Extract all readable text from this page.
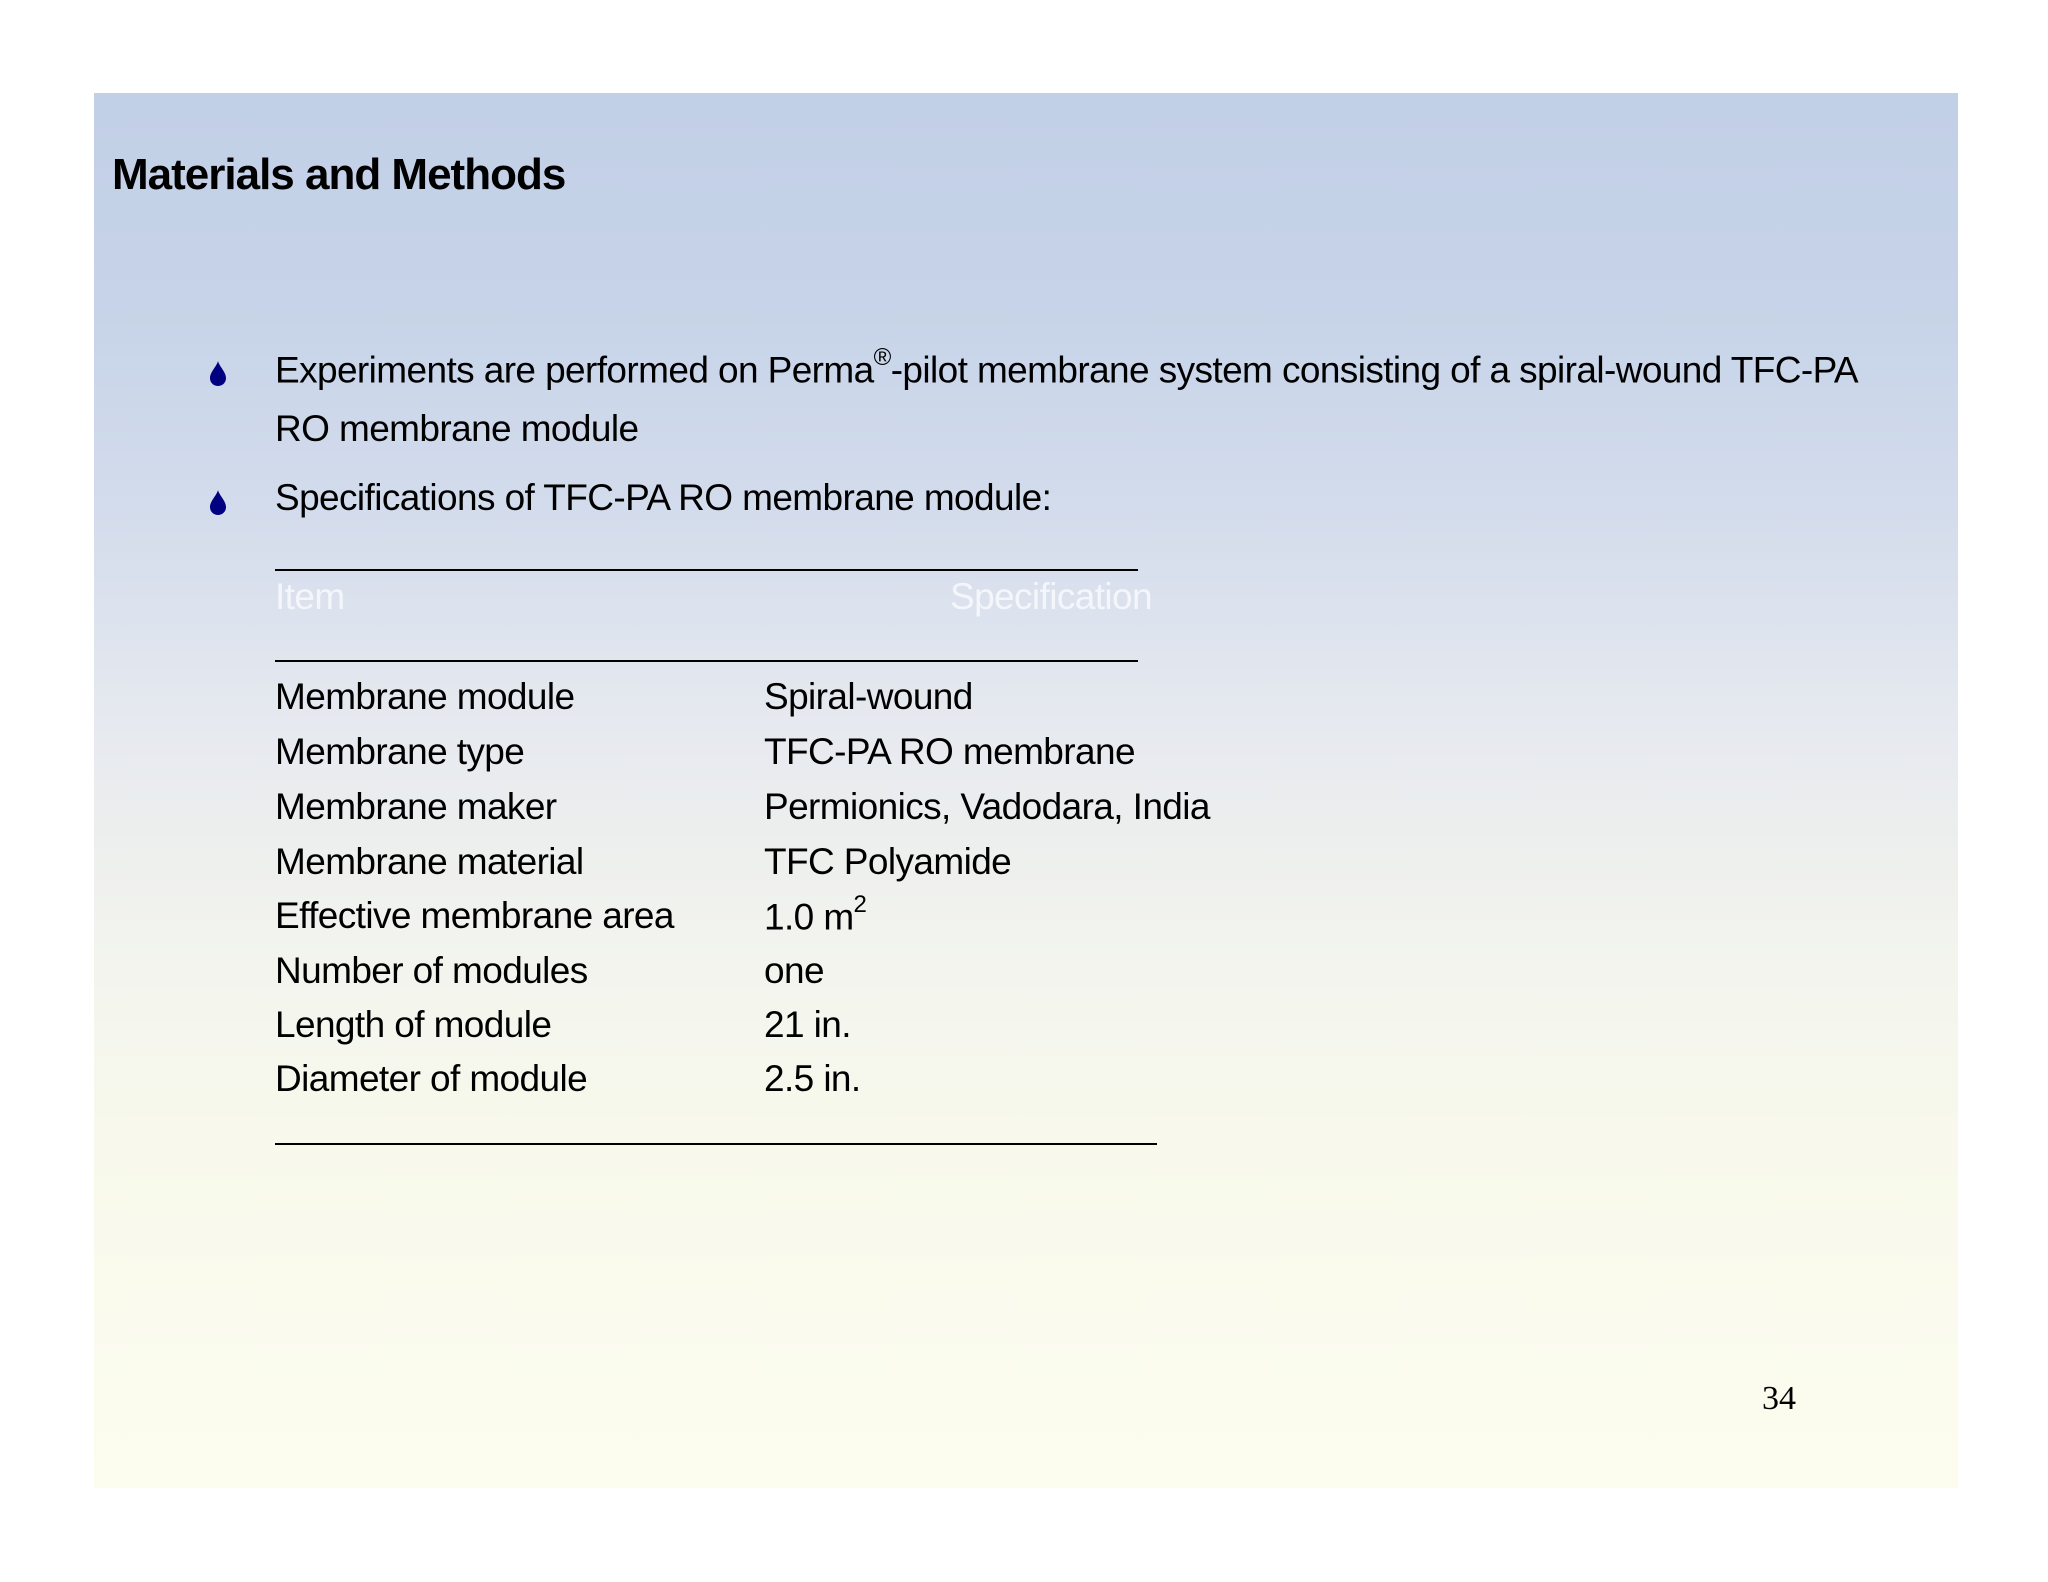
Materials and Methods
Experiments are performed on Perma®-pilot membrane system consisting of a spiral-wound TFC-PA
RO membrane module
Specifications of TFC-PA RO membrane module:
Item	Specification
Membrane module	Spiral-wound
Membrane type	TFC-PA RO membrane
Membrane maker	Permionics, Vadodara, India
Membrane material	TFC Polyamide
Effective membrane area 1.0 $m^2$
Number of modules	one
Length of module	21 in.
Diameter of module	2.5 in.
34
